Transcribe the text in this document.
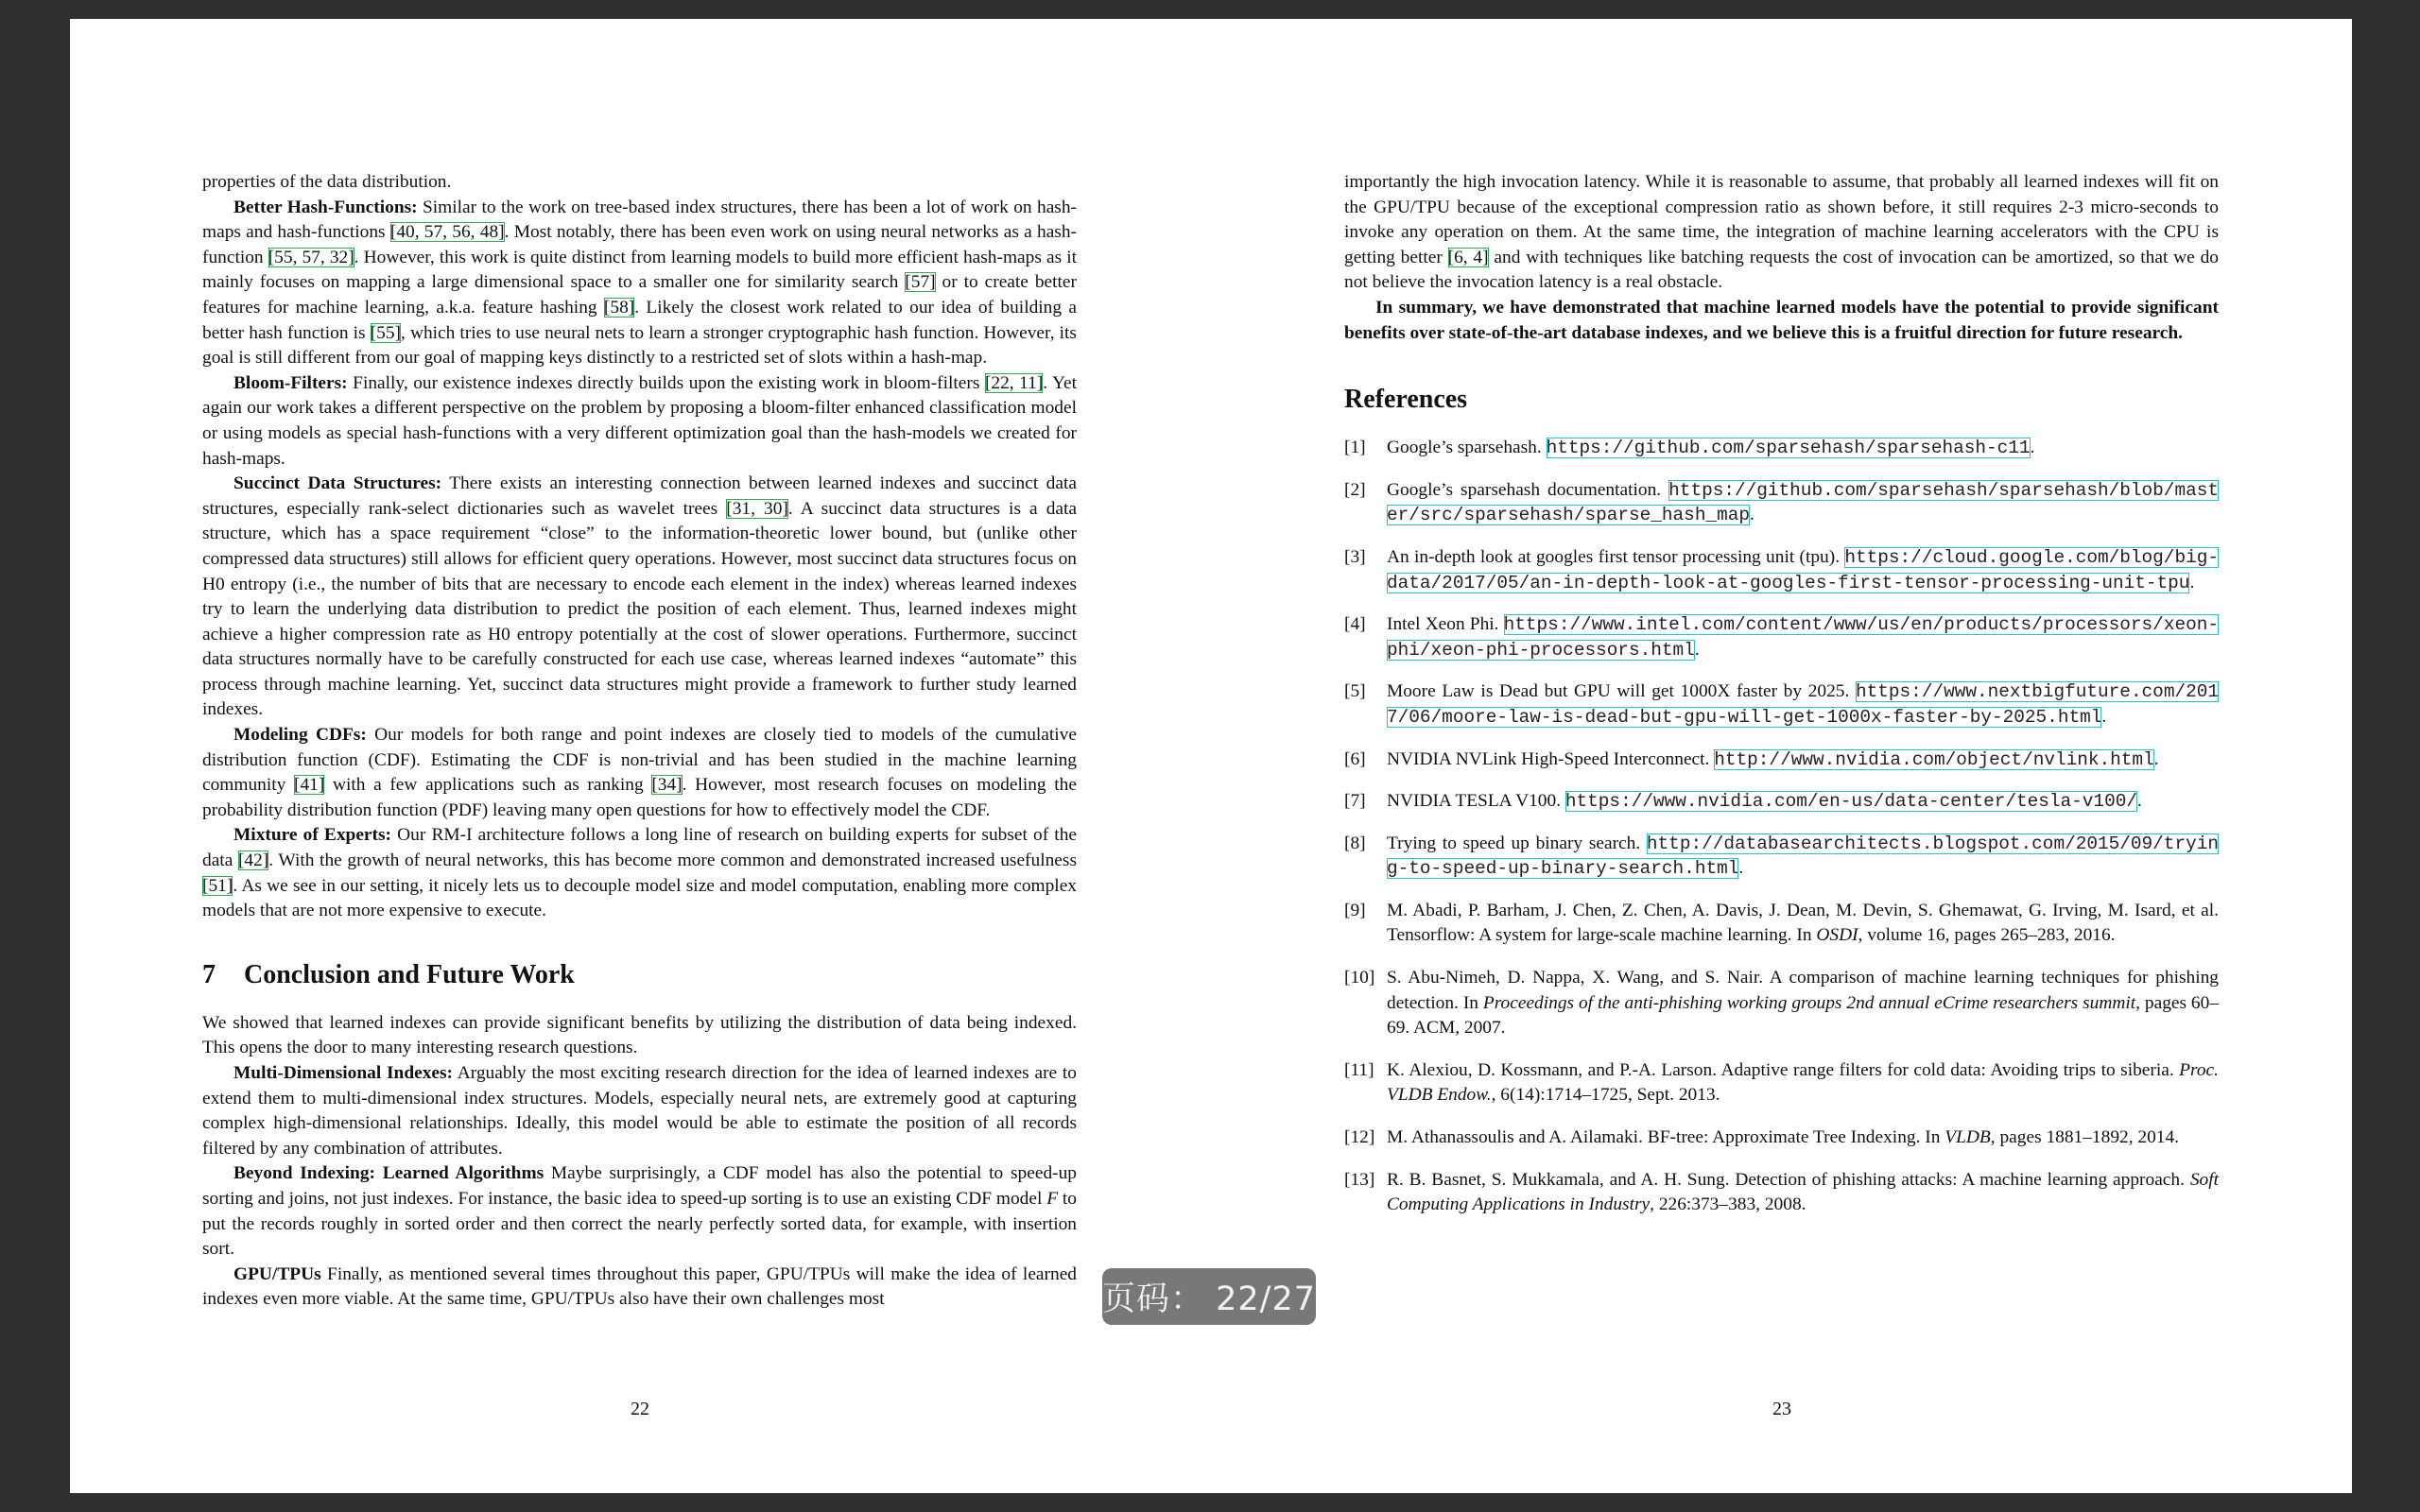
properties of the data distribution.

Better Hash-Functions: Similar to the work on tree-based index structures, there has been a lot of work on hash-maps and hash-functions [40, 57, 56, 48]. Most notably, there has been even work on using neural networks as a hash-function [55, 57, 32]. However, this work is quite distinct from learning models to build more efficient hash-maps as it mainly focuses on mapping a large dimensional space to a smaller one for similarity search [57] or to create better features for machine learning, a.k.a. feature hashing [58]. Likely the closest work related to our idea of building a better hash function is [55], which tries to use neural nets to learn a stronger cryptographic hash function. However, its goal is still different from our goal of mapping keys distinctly to a restricted set of slots within a hash-map.

Bloom-Filters: Finally, our existence indexes directly builds upon the existing work in bloom-filters [22, 11]. Yet again our work takes a different perspective on the problem by proposing a bloom-filter enhanced classification model or using models as special hash-functions with a very different optimization goal than the hash-models we created for hash-maps.

Succinct Data Structures: There exists an interesting connection between learned indexes and succinct data structures, especially rank-select dictionaries such as wavelet trees [31, 30]. A succinct data structures is a data structure, which has a space requirement “close” to the information-theoretic lower bound, but (unlike other compressed data structures) still allows for efficient query operations. However, most succinct data structures focus on H0 entropy (i.e., the number of bits that are necessary to encode each element in the index) whereas learned indexes try to learn the underlying data distribution to predict the position of each element. Thus, learned indexes might achieve a higher compression rate as H0 entropy potentially at the cost of slower operations. Furthermore, succinct data structures normally have to be carefully constructed for each use case, whereas learned indexes “automate” this process through machine learning. Yet, succinct data structures might provide a framework to further study learned indexes.

Modeling CDFs: Our models for both range and point indexes are closely tied to models of the cumulative distribution function (CDF). Estimating the CDF is non-trivial and has been studied in the machine learning community [41] with a few applications such as ranking [34]. However, most research focuses on modeling the probability distribution function (PDF) leaving many open questions for how to effectively model the CDF.

Mixture of Experts: Our RM-I architecture follows a long line of research on building experts for subset of the data [42]. With the growth of neural networks, this has become more common and demonstrated increased usefulness [51]. As we see in our setting, it nicely lets us to decouple model size and model computation, enabling more complex models that are not more expensive to execute.

7 Conclusion and Future Work

We showed that learned indexes can provide significant benefits by utilizing the distribution of data being indexed. This opens the door to many interesting research questions.

Multi-Dimensional Indexes: Arguably the most exciting research direction for the idea of learned indexes are to extend them to multi-dimensional index structures. Models, especially neural nets, are extremely good at capturing complex high-dimensional relationships. Ideally, this model would be able to estimate the position of all records filtered by any combination of attributes.

Beyond Indexing: Learned Algorithms Maybe surprisingly, a CDF model has also the potential to speed-up sorting and joins, not just indexes. For instance, the basic idea to speed-up sorting is to use an existing CDF model F to put the records roughly in sorted order and then correct the nearly perfectly sorted data, for example, with insertion sort.

GPU/TPUs Finally, as mentioned several times throughout this paper, GPU/TPUs will make the idea of learned indexes even more viable. At the same time, GPU/TPUs also have their own challenges most

22

importantly the high invocation latency. While it is reasonable to assume, that probably all learned indexes will fit on the GPU/TPU because of the exceptional compression ratio as shown before, it still requires 2-3 micro-seconds to invoke any operation on them. At the same time, the integration of machine learning accelerators with the CPU is getting better [6, 4] and with techniques like batching requests the cost of invocation can be amortized, so that we do not believe the invocation latency is a real obstacle.

In summary, we have demonstrated that machine learned models have the potential to provide significant benefits over state-of-the-art database indexes, and we believe this is a fruitful direction for future research.

References
[1]	Google’s sparsehash. https://github.com/sparsehash/sparsehash-c11.
[2]	Google’s sparsehash documentation. https://github.com/sparsehash/sparsehash/blob/master/src/sparsehash/sparse_hash_map.
[3]	An in-depth look at googles first tensor processing unit (tpu). https://cloud.google.com/blog/big-data/2017/05/an-in-depth-look-at-googles-first-tensor-processing-unit-tpu.
[4]	Intel Xeon Phi. https://www.intel.com/content/www/us/en/products/processors/xeon-phi/xeon-phi-processors.html.
[5]	Moore Law is Dead but GPU will get 1000X faster by 2025. https://www.nextbigfuture.com/2017/06/moore-law-is-dead-but-gpu-will-get-1000x-faster-by-2025.html.
[6]	NVIDIA NVLink High-Speed Interconnect. http://www.nvidia.com/object/nvlink.html.
[7]	NVIDIA TESLA V100. https://www.nvidia.com/en-us/data-center/tesla-v100/.
[8]	Trying to speed up binary search. http://databasearchitects.blogspot.com/2015/09/trying-to-speed-up-binary-search.html.
[9]	M. Abadi, P. Barham, J. Chen, Z. Chen, A. Davis, J. Dean, M. Devin, S. Ghemawat, G. Irving, M. Isard, et al. Tensorflow: A system for large-scale machine learning. In OSDI, volume 16, pages 265–283, 2016.
[10] S. Abu-Nimeh, D. Nappa, X. Wang, and S. Nair. A comparison of machine learning techniques for phishing detection. In Proceedings of the anti-phishing working groups 2nd annual eCrime researchers summit, pages 60–69. ACM, 2007.
[11] K. Alexiou, D. Kossmann, and P.-A. Larson. Adaptive range filters for cold data: Avoiding trips to siberia. Proc. VLDB Endow., 6(14):1714–1725, Sept. 2013.
[12] M. Athanassoulis and A. Ailamaki. BF-tree: Approximate Tree Indexing. In VLDB, pages 1881–1892, 2014.
[13] R. B. Basnet, S. Mukkamala, and A. H. Sung. Detection of phishing attacks: A machine learning approach. Soft Computing Applications in Industry, 226:373–383, 2008.
23
页码： 22/27
